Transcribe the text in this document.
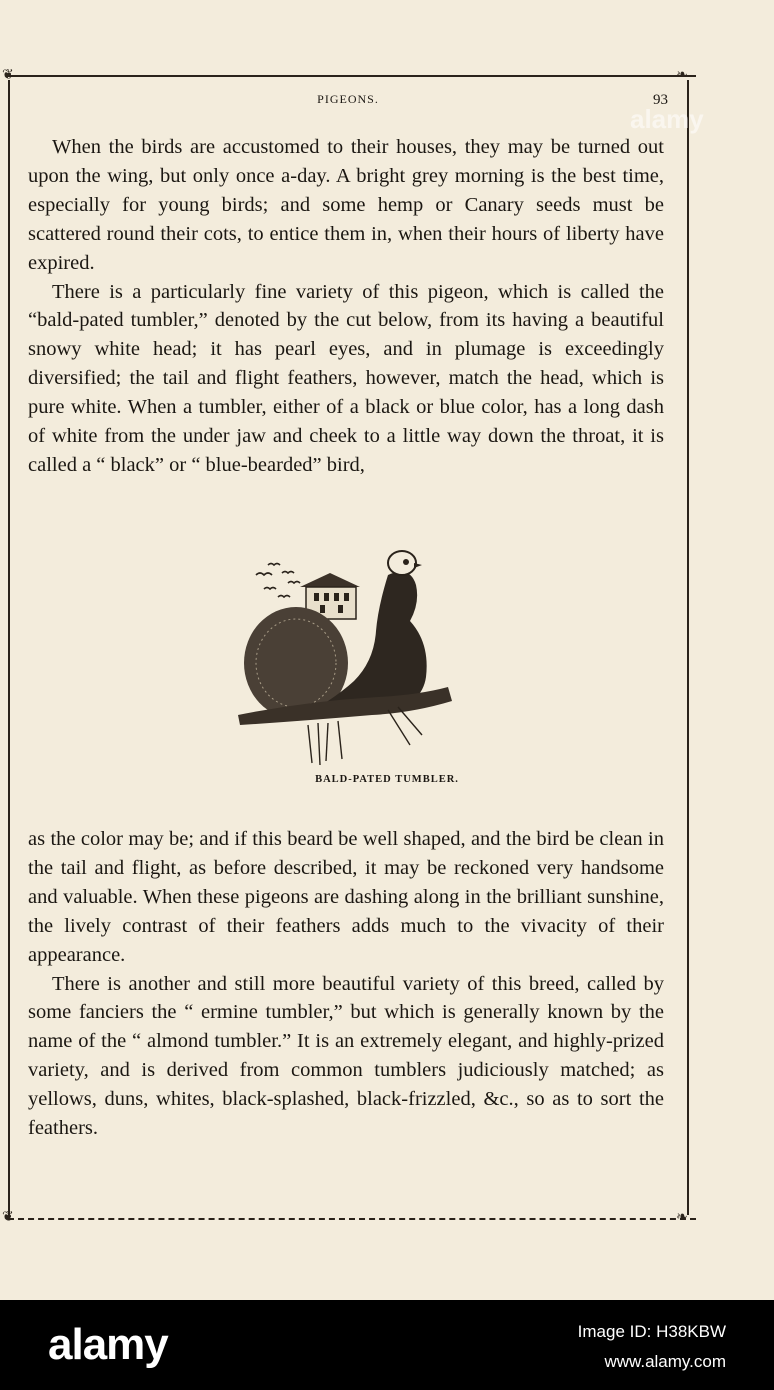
❦	❧
❦	❧
PIGEONS.	93
alamy

When the birds are accustomed to their houses, they may be turned out upon the wing, but only once a-day. A bright grey morning is the best time, especially for young birds; and some hemp or Canary seeds must be scattered round their cots, to entice them in, when their hours of liberty have expired.

There is a particularly fine variety of this pigeon, which is called the “bald-pated tumbler,” denoted by the cut below, from its having a beautiful snowy white head; it has pearl eyes, and in plumage is exceedingly diversified; the tail and flight feathers, however, match the head, which is pure white. When a tumbler, either of a black or blue color, has a long dash of white from the under jaw and cheek to a little way down the throat, it is called a “ black” or “ blue-bearded” bird,

BALD-PATED TUMBLER.

as the color may be; and if this beard be well shaped, and the bird be clean in the tail and flight, as before described, it may be reckoned very handsome and valuable. When these pigeons are dashing along in the brilliant sunshine, the lively contrast of their feathers adds much to the vivacity of their appearance.

There is another and still more beautiful variety of this breed, called by some fanciers the “ ermine tumbler,” but which is generally known by the name of the “ almond tumbler.” It is an extremely elegant, and highly-prized variety, and is derived from common tumblers judiciously matched; as yellows, duns, whites, black-splashed, black-frizzled, &c., so as to sort the feathers.

alamy	Image ID: H38KBW
www.alamy.com
